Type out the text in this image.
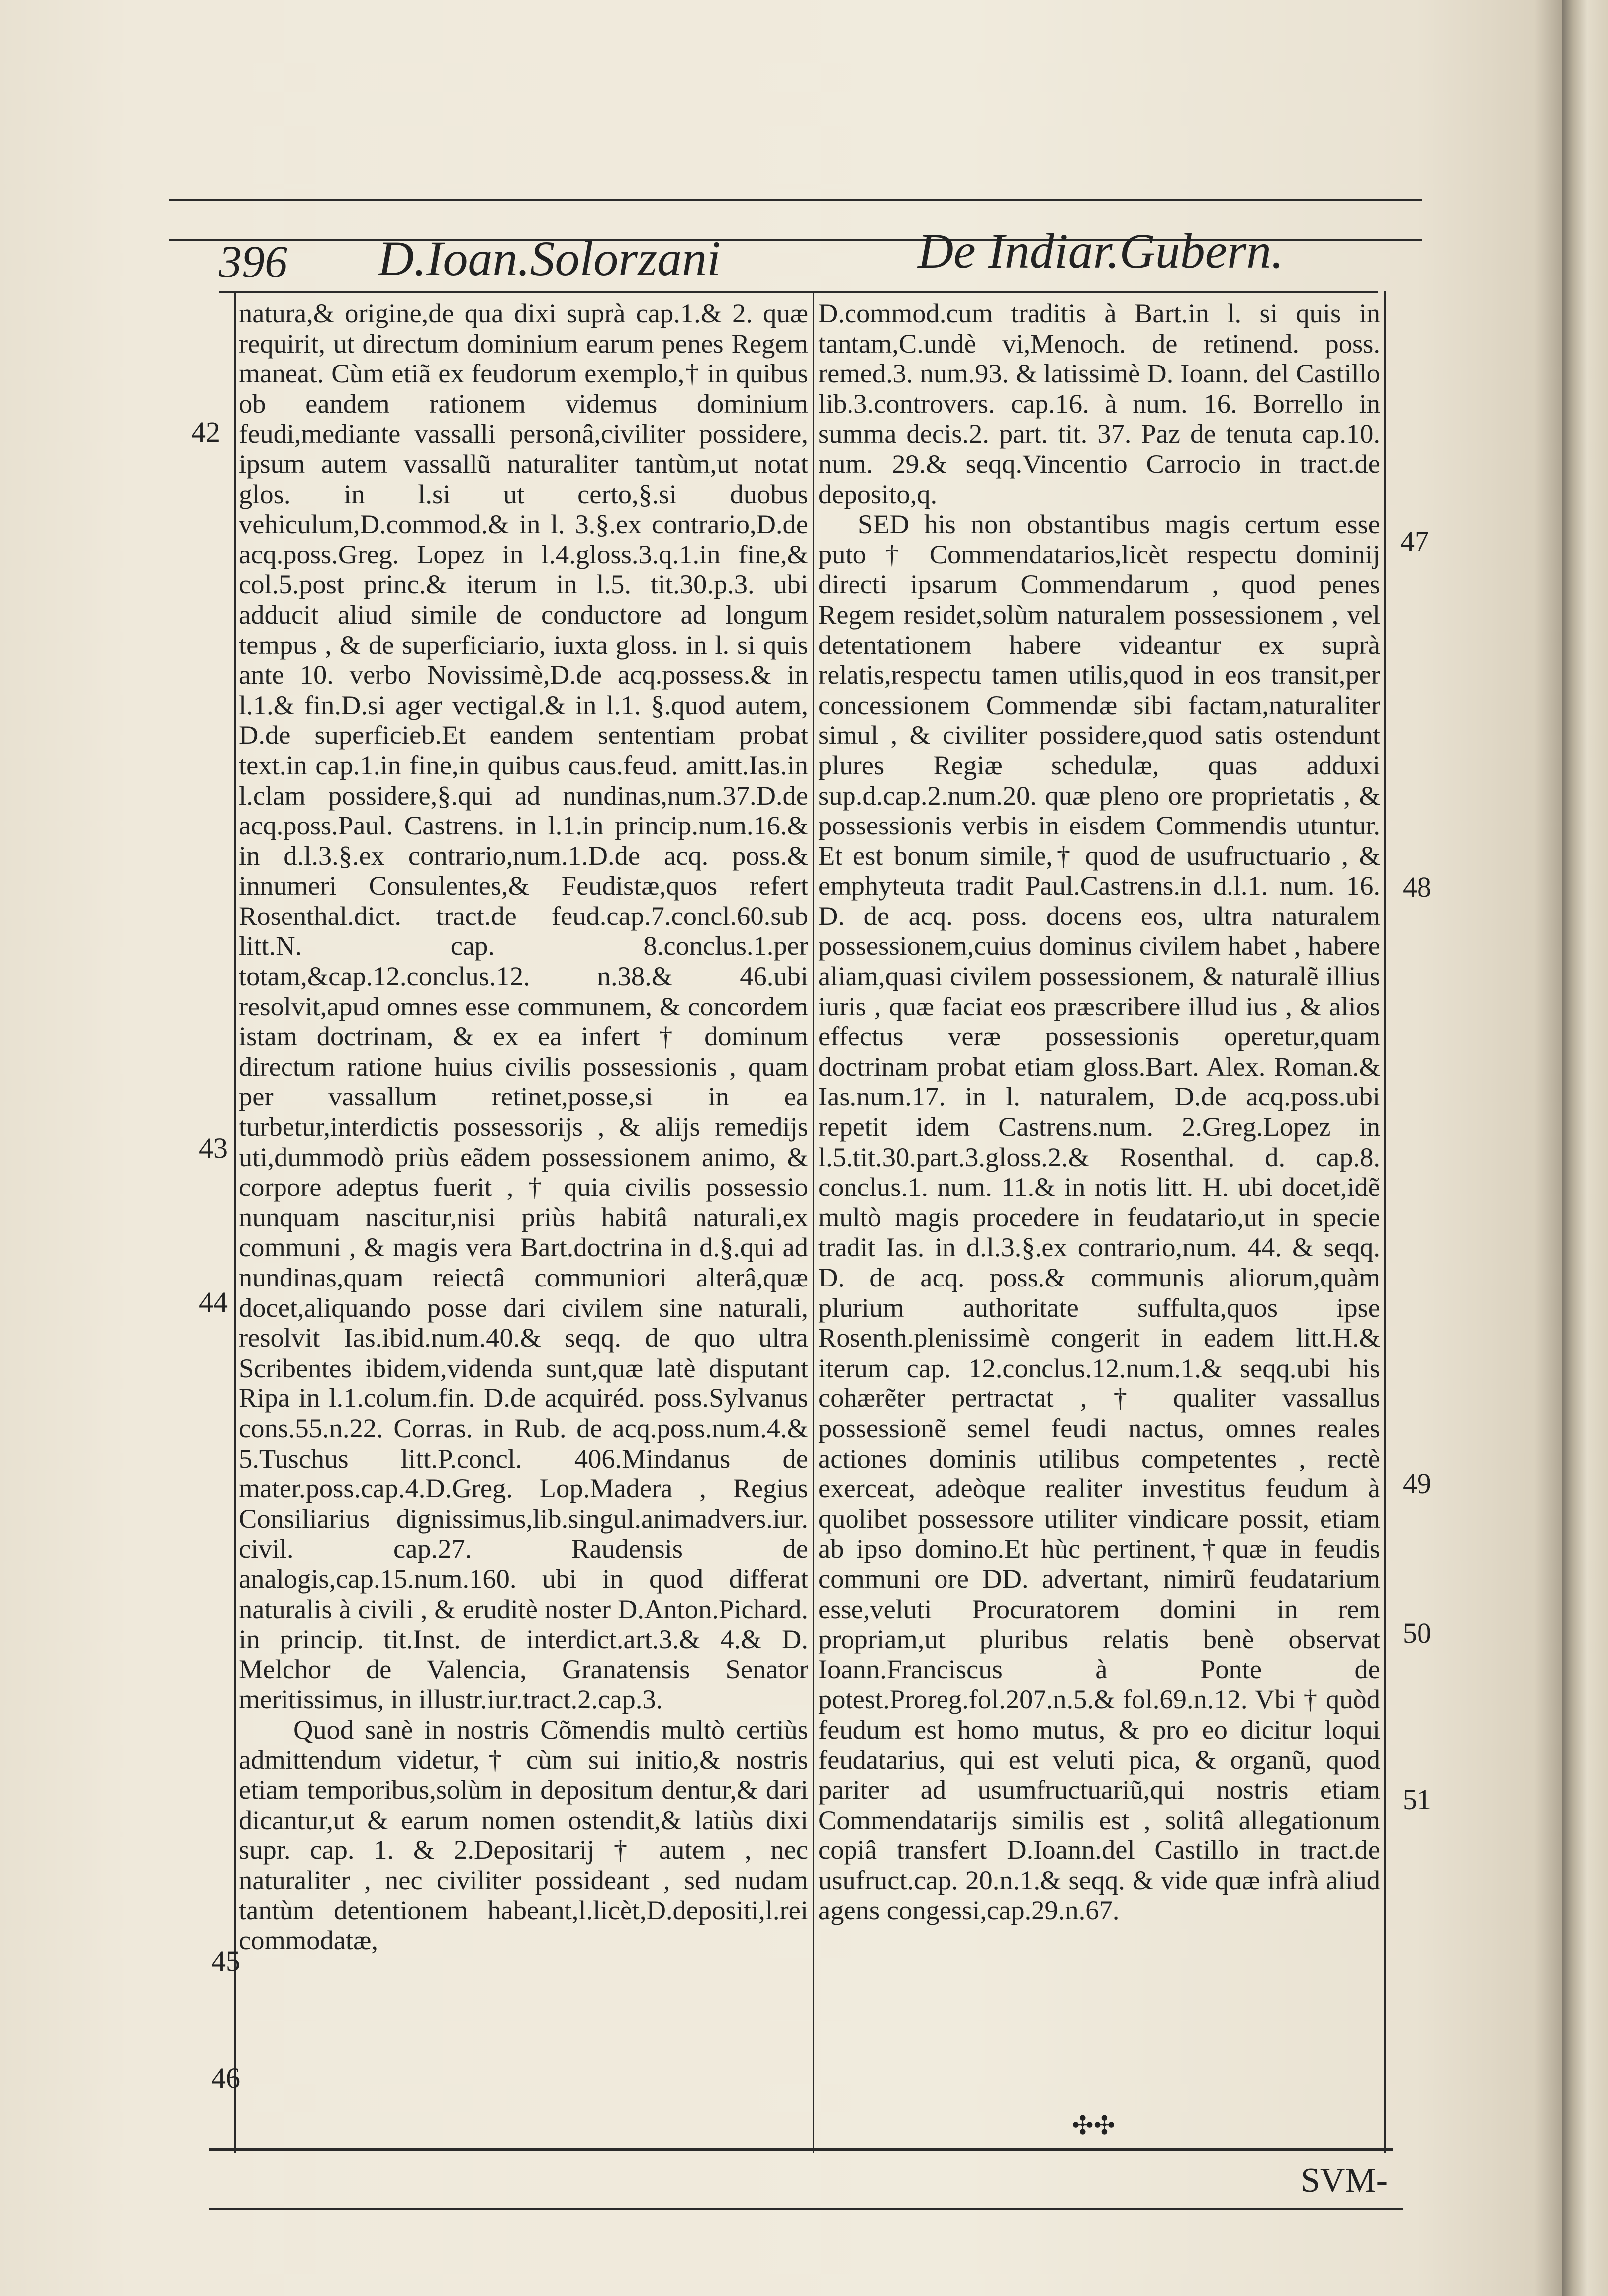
396 D.Ioan.Solorzani	De Indiar.Gubern.

natura,& origine,de qua dixi suprà cap.1.& 2. quæ requirit, ut directum dominium earum penes Regem maneat. Cùm etiã ex feudorum exemplo,† in quibus ob eandem rationem videmus dominium feudi,mediante vassalli personâ,civiliter possidere, ipsum autem vassallũ naturaliter tantùm,ut notat glos. in l.si ut certo,§.si duobus vehiculum,D.commod.& in l. 3.§.ex contrario,D.de acq.poss.Greg. Lopez in l.4.gloss.3.q.1.in fine,& col.5.post princ.& iterum in l.5. tit.30.p.3. ubi adducit aliud simile de conductore ad longum tempus , & de superficiario, iuxta gloss. in l. si quis ante 10. verbo Novissimè,D.de acq.possess.& in l.1.& fin.D.si ager vectigal.& in l.1. §.quod autem, D.de superficieb.Et eandem sententiam probat text.in cap.1.in fine,in quibus caus.feud. amitt.Ias.in l.clam possidere,§.qui ad nundinas,num.37.D.de acq.poss.Paul. Castrens. in l.1.in princip.num.16.& in d.l.3.§.ex contrario,num.1.D.de acq. poss.& innumeri Consulentes,& Feudistæ,quos refert Rosenthal.dict. tract.de feud.cap.7.concl.60.sub litt.N. cap. 8.conclus.1.per totam,&cap.12.conclus.12. n.38.& 46.ubi resolvit,apud omnes esse communem, & concordem istam doctrinam, & ex ea infert † dominum directum ratione huius civilis possessionis , quam per vassallum retinet,posse,si in ea turbetur,interdictis possessorijs , & alijs remedijs uti,dummodò priùs eãdem possessionem animo, & corpore adeptus fuerit , † quia civilis possessio nunquam nascitur,nisi priùs habitâ naturali,ex communi , & magis vera Bart.doctrina in d.§.qui ad nundinas,quam reiectâ communiori alterâ,quæ docet,aliquando posse dari civilem sine naturali, resolvit Ias.ibid.num.40.& seqq. de quo ultra Scribentes ibidem,videnda sunt,quæ latè disputant Ripa in l.1.colum.fin. D.de acquiréd. poss.Sylvanus cons.55.n.22. Corras. in Rub. de acq.poss.num.4.& 5.Tuschus litt.P.concl. 406.Mindanus de mater.poss.cap.4.D.Greg. Lop.Madera , Regius Consiliarius dignissimus,lib.singul.animadvers.iur. civil. cap.27. Raudensis de analogis,cap.15.num.160. ubi in quod differat naturalis à civili , & eruditè noster D.Anton.Pichard. in princip. tit.Inst. de interdict.art.3.& 4.& D. Melchor de Valencia, Granatensis Senator meritissimus, in illustr.iur.tract.2.cap.3.

Quod sanè in nostris Cõmendis multò certiùs admittendum videtur,† cùm sui initio,& nostris etiam temporibus,solùm in depositum dentur,& dari dicantur,ut & earum nomen ostendit,& latiùs dixi supr. cap. 1. & 2.Depositarij † autem , nec naturaliter , nec civiliter possideant , sed nudam tantùm detentionem habeant,l.licèt,D.depositi,l.rei commodatæ,

D.commod.cum traditis à Bart.in l. si quis in tantam,C.undè vi,Menoch. de retinend. poss. remed.3. num.93. & latissimè D. Ioann. del Castillo lib.3.controvers. cap.16. à num. 16. Borrello in summa decis.2. part. tit. 37. Paz de tenuta cap.10. num. 29.& seqq.Vincentio Carrocio in tract.de deposito,q.

SED his non obstantibus magis certum esse puto † Commendatarios,licèt respectu dominij directi ipsarum Commendarum , quod penes Regem residet,solùm naturalem possessionem , vel detentationem habere videantur ex suprà relatis,respectu tamen utilis,quod in eos transit,per concessionem Commendæ sibi factam,naturaliter simul , & civiliter possidere,quod satis ostendunt plures Regiæ schedulæ, quas adduxi sup.d.cap.2.num.20. quæ pleno ore proprietatis , & possessionis verbis in eisdem Commendis utuntur. Et est bonum simile,† quod de usufructuario , & emphyteuta tradit Paul.Castrens.in d.l.1. num. 16. D. de acq. poss. docens eos, ultra naturalem possessionem,cuius dominus civilem habet , habere aliam,quasi civilem possessionem, & naturalẽ illius iuris , quæ faciat eos præscribere illud ius , & alios effectus veræ possessionis operetur,quam doctrinam probat etiam gloss.Bart. Alex. Roman.& Ias.num.17. in l. naturalem, D.de acq.poss.ubi repetit idem Castrens.num. 2.Greg.Lopez in l.5.tit.30.part.3.gloss.2.& Rosenthal. d. cap.8. conclus.1. num. 11.& in notis litt. H. ubi docet,idẽ multò magis procedere in feudatario,ut in specie tradit Ias. in d.l.3.§.ex contrario,num. 44. & seqq. D. de acq. poss.& communis aliorum,quàm plurium authoritate suffulta,quos ipse Rosenth.plenissimè congerit in eadem litt.H.& iterum cap. 12.conclus.12.num.1.& seqq.ubi his cohærẽter pertractat , † qualiter vassallus possessionẽ semel feudi nactus, omnes reales actiones dominis utilibus competentes , rectè exerceat, adeòque realiter investitus feudum à quolibet possessore utiliter vindicare possit, etiam ab ipso domino.Et hùc pertinent,†quæ in feudis communi ore DD. advertant, nimirũ feudatarium esse,veluti Procuratorem domini in rem propriam,ut pluribus relatis benè observat Ioann.Franciscus à Ponte de potest.Proreg.fol.207.n.5.& fol.69.n.12. Vbi † quòd feudum est homo mutus, & pro eo dicitur loqui feudatarius, qui est veluti pica, & organũ, quod pariter ad usumfructuariũ,qui nostris etiam Commendatarijs similis est , solitâ allegationum copiâ transfert D.Ioann.del Castillo in tract.de usufruct.cap. 20.n.1.& seqq. & vide quæ infrà aliud agens congessi,cap.29.n.67.

42
43
44
45
46
47
48
49
50
51
✣✣
SVM-
